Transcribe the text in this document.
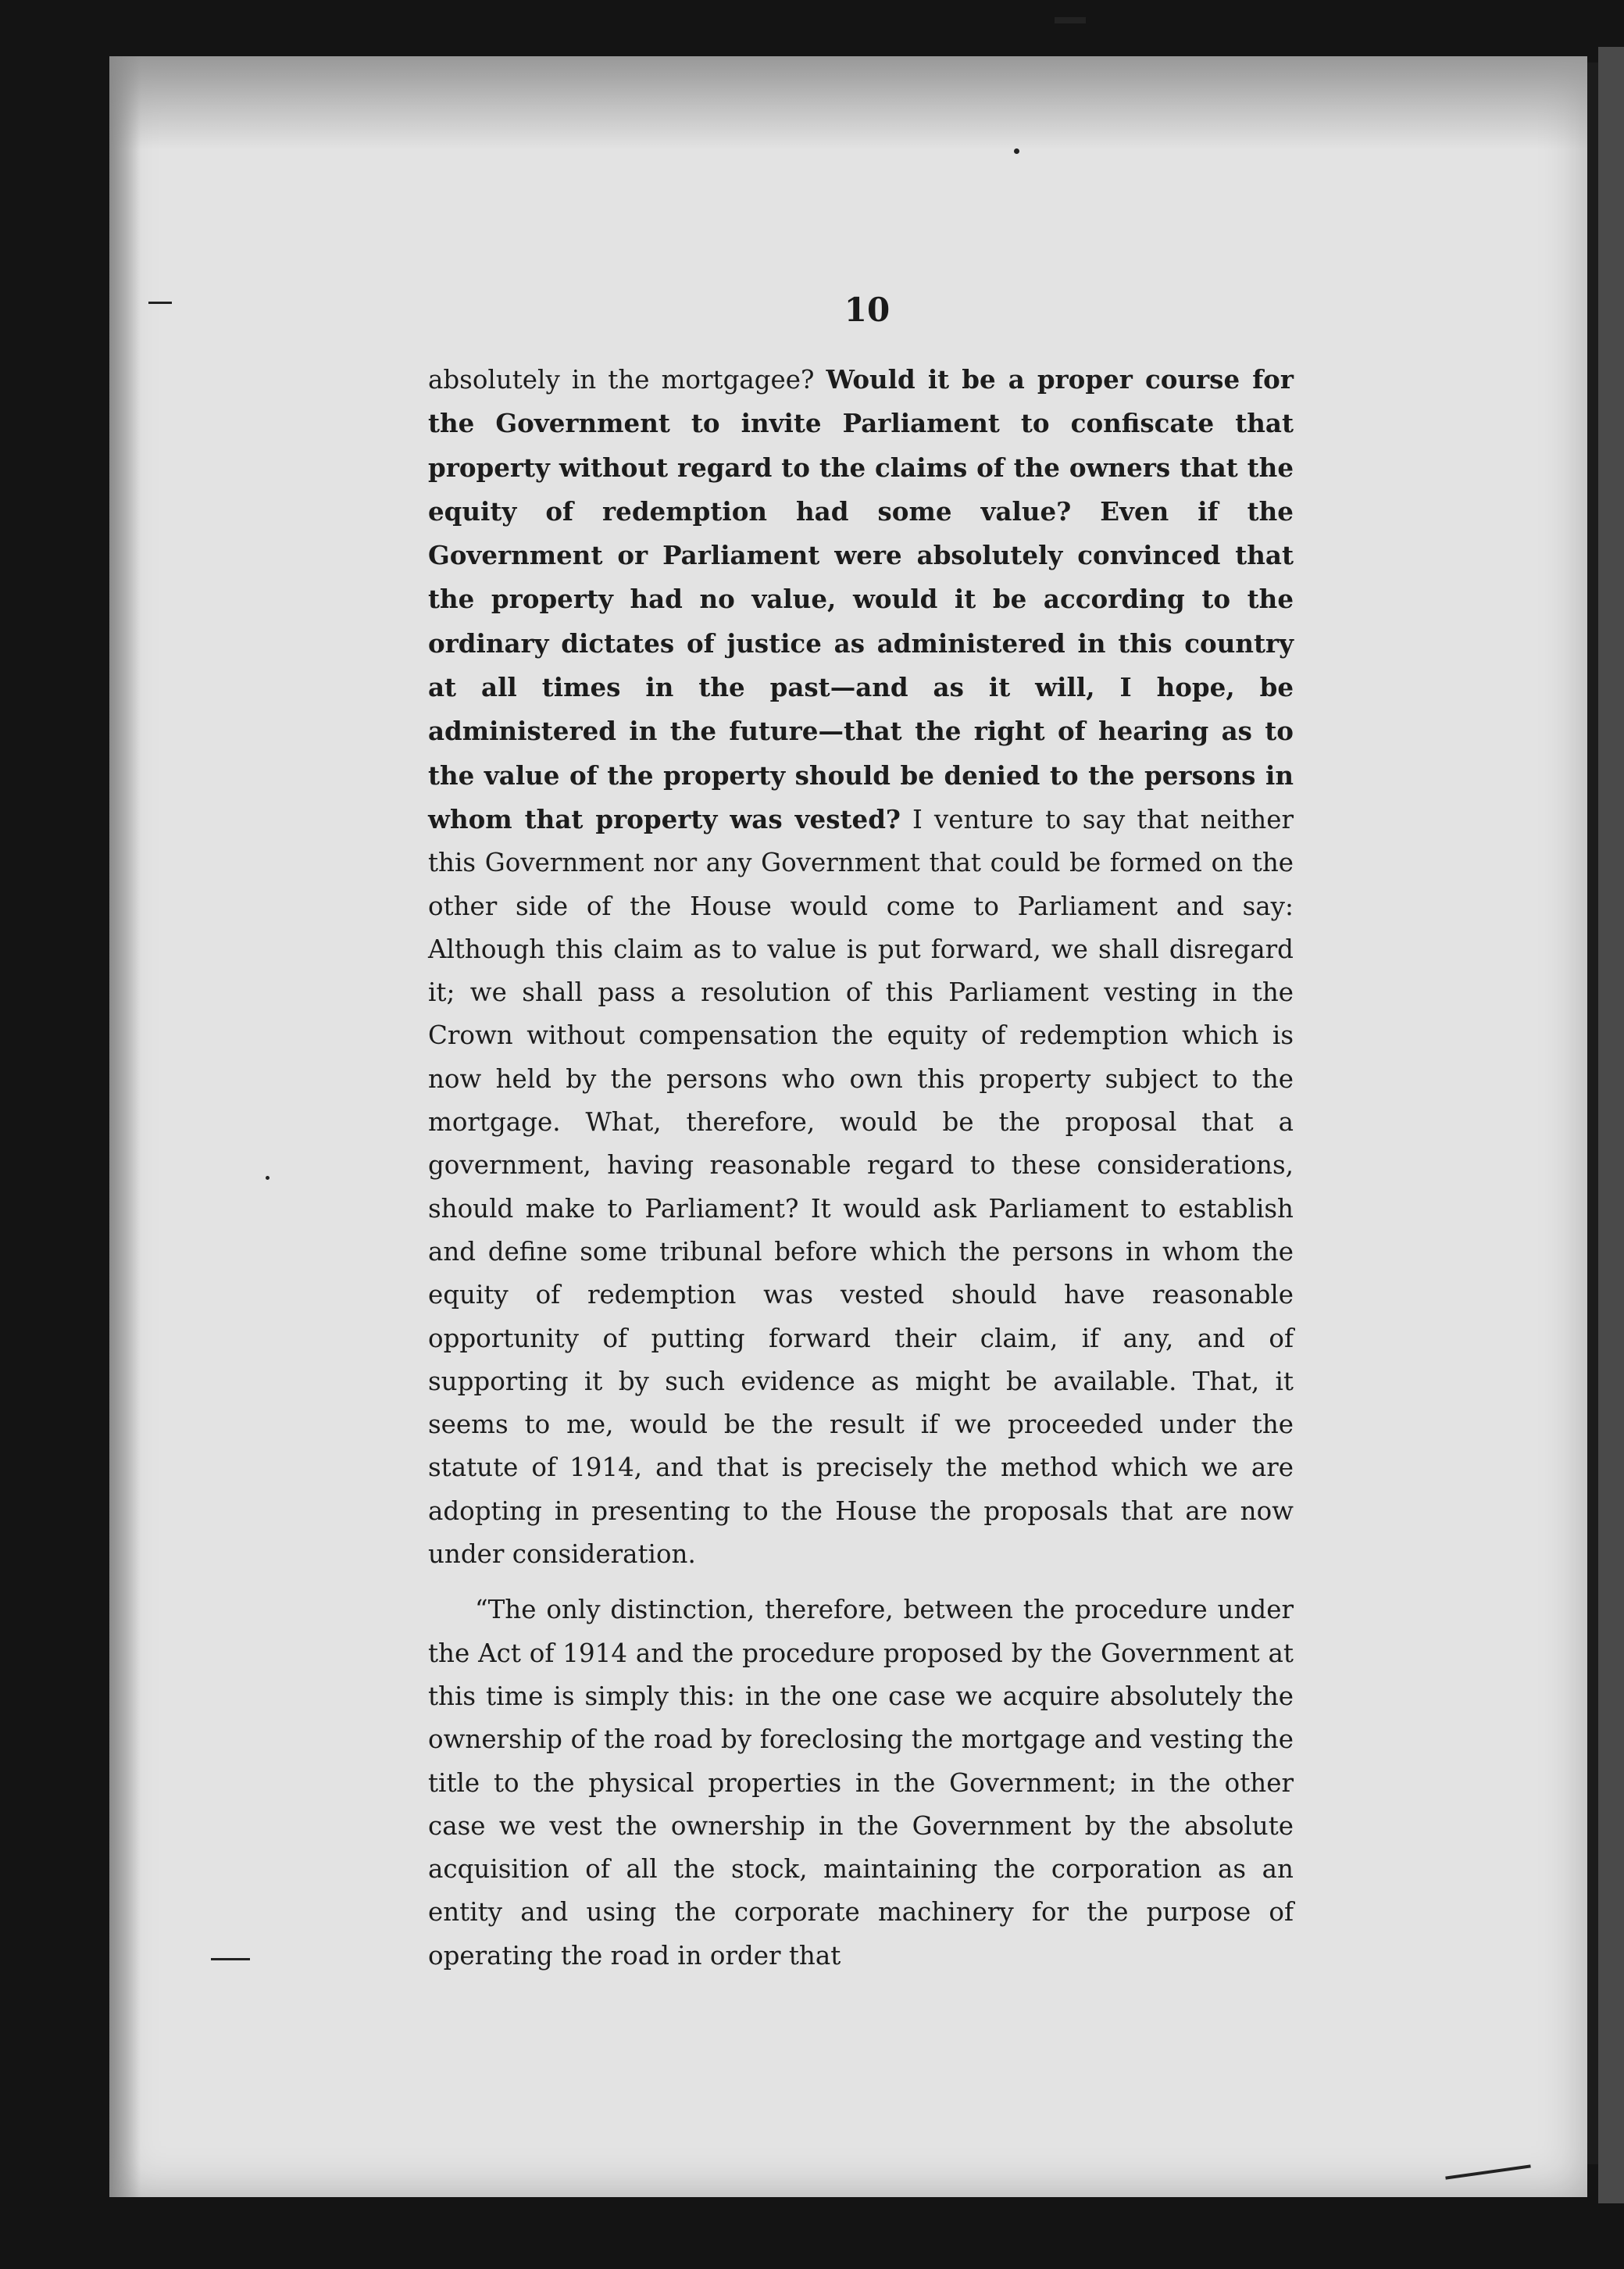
10

absolutely in the mortgagee? Would it be a proper course for the Government to invite Parliament to confiscate that property without regard to the claims of the owners that the equity of redemption had some value? Even if the Government or Parliament were absolutely convinced that the property had no value, would it be according to the ordinary dictates of justice as administered in this country at all times in the past—and as it will, I hope, be administered in the future—that the right of hearing as to the value of the property should be denied to the persons in whom that property was vested? I venture to say that neither this Government nor any Government that could be formed on the other side of the House would come to Parliament and say: Although this claim as to value is put forward, we shall disregard it; we shall pass a resolution of this Parliament vesting in the Crown without compensation the equity of redemption which is now held by the persons who own this property subject to the mortgage. What, therefore, would be the proposal that a government, having reasonable regard to these considerations, should make to Parliament? It would ask Parliament to establish and define some tribunal before which the persons in whom the equity of redemption was vested should have reasonable opportunity of putting forward their claim, if any, and of supporting it by such evidence as might be available. That, it seems to me, would be the result if we proceeded under the statute of 1914, and that is precisely the method which we are adopting in presenting to the House the proposals that are now under consideration.

“The only distinction, therefore, between the procedure under the Act of 1914 and the procedure proposed by the Government at this time is simply this: in the one case we acquire absolutely the ownership of the road by foreclosing the mortgage and vesting the title to the physical properties in the Government; in the other case we vest the ownership in the Government by the absolute acquisition of all the stock, maintaining the corporation as an entity and using the corporate machinery for the purpose of operating the road in order that
